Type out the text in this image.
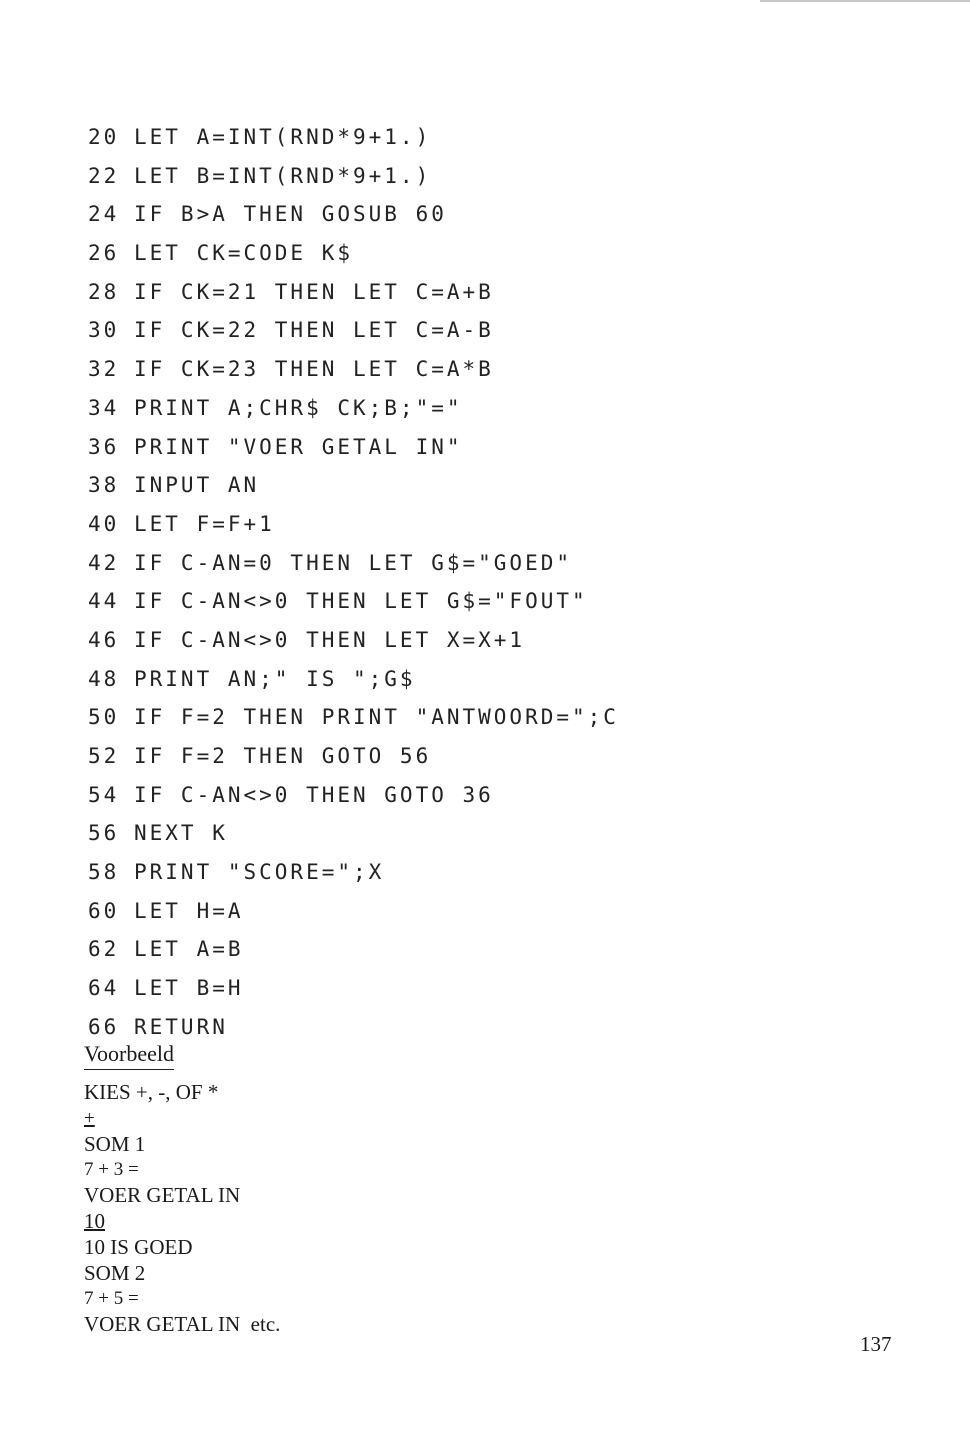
20 LET A=INT(RND*9+1.)
22 LET B=INT(RND*9+1.)
24 IF B>A THEN GOSUB 60
26 LET CK=CODE K$
28 IF CK=21 THEN LET C=A+B
30 IF CK=22 THEN LET C=A-B
32 IF CK=23 THEN LET C=A*B
34 PRINT A;CHR$ CK;B;"="
36 PRINT "VOER GETAL IN"
38 INPUT AN
40 LET F=F+1
42 IF C-AN=0 THEN LET G$="GOED"
44 IF C-AN<>0 THEN LET G$="FOUT"
46 IF C-AN<>0 THEN LET X=X+1
48 PRINT AN;" IS ";G$
50 IF F=2 THEN PRINT "ANTWOORD=";C
52 IF F=2 THEN GOTO 56
54 IF C-AN<>0 THEN GOTO 36
56 NEXT K
58 PRINT "SCORE=";X
60 LET H=A
62 LET A=B
64 LET B=H
66 RETURN
Voorbeeld
KIES +, -, OF *
+
SOM 1
7 + 3 =
VOER GETAL IN
10
10 IS GOED
SOM 2
7 + 5 =
VOER GETAL IN  etc.
137
